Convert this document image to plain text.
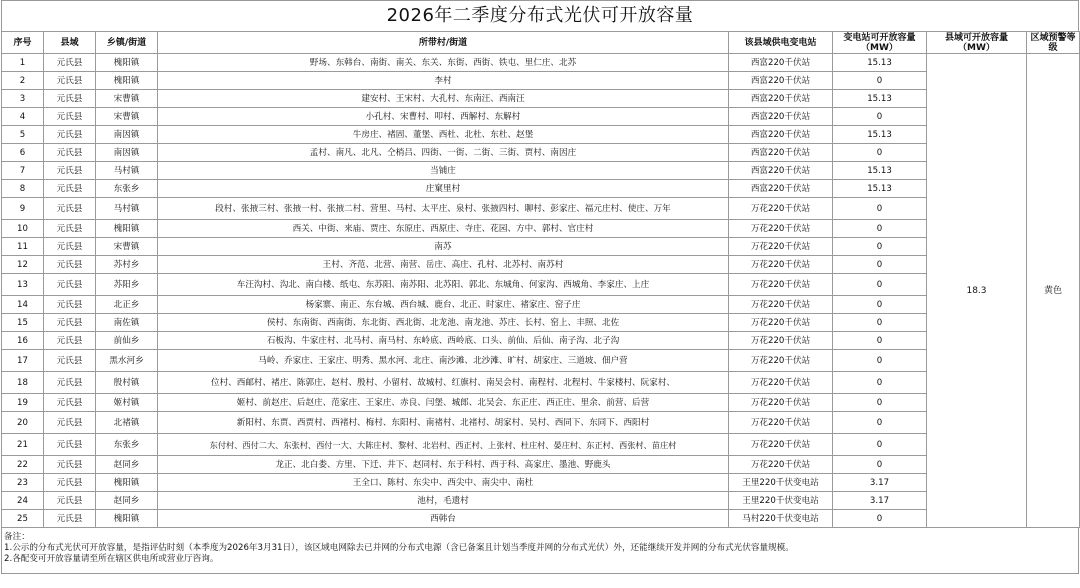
2026年二季度分布式光伏可开放容量
序号	县域	乡镇/街道	所带村/街道	该县域供电变电站	变电站可开放容量（MW）	县域可开放容量（MW）	区域预警等级
1	元氏县	槐阳镇	野场、东韩台、南街、南关、东关、东街、西街、铁屯、里仁庄、北苏	西富220千伏站	15.13	18.3	黄色
2	元氏县	槐阳镇	李村	西富220千伏站	0		
3	元氏县	宋曹镇	建安村、王宋村、大孔村、东南汪、西南汪	西富220千伏站	15.13		
4	元氏县	宋曹镇	小孔村、宋曹村、叩村、西解村、东解村	西富220千伏站	0		
5	元氏县	南因镇	牛房庄、褚固、董堡、西杜、北杜、东杜、赵堡	西富220千伏站	15.13		
6	元氏县	南因镇	孟村、南凡、北凡、仝梢吕、四街、一街、二街、三街、贾村、南因庄	西富220千伏站	0		
7	元氏县	马村镇	当铺庄	西富220千伏站	15.13		
8	元氏县	东张乡	庄窠里村	西富220千伏站	15.13		
9	元氏县	马村镇	段村、张掖三村、张掖一村、张掖二村、营里、马村、太平庄、泉村、张掖四村、聊村、彭家庄、福元庄村、使庄、万年	万花220千伏站	0		
10	元氏县	槐阳镇	西关、中街、来庙、贾庄、东原庄、西原庄、寺庄、花园、方中、郭村、官庄村	万花220千伏站	0		
11	元氏县	宋曹镇	南苏	万花220千伏站	0		
12	元氏县	苏村乡	王村、齐范、北营、南营、岳庄、高庄、孔村、北苏村、南苏村	万花220千伏站	0		
13	元氏县	苏阳乡	车汪沟村、沟北、南白楼、纸屯、东苏阳、南苏阳、北苏阳、郭北、东城角、何家沟、西城角、李家庄、上庄	万花220千伏站	0		
14	元氏县	北正乡	杨家寨、南正、东台城、西台城、鹿台、北正、时家庄、褚家庄、窑子庄	万花220千伏站	0		
15	元氏县	南佐镇	侯村、东南街、西南街、东北街、西北街、北龙池、南龙池、苏庄、长村、窑上、丰照、北佐	万花220千伏站	0		
16	元氏县	前仙乡	石板沟、牛家庄村、北马村、南马村、东岭底、西岭底、口头、前仙、后仙、南子沟、北子沟	万花220千伏站	0		
17	元氏县	黑水河乡	马岭、乔家庄、王家庄、明秀、黑水河、北庄、南沙滩、北沙滩、旷村、胡家庄、三道坡、佃户营	万花220千伏站	0		
18	元氏县	殷村镇	位村、西邮村、褚庄、陈郭庄、赵村、殷村、小留村、故城村、红旗村、南吴会村、南程村、北程村、牛家楼村、阮家村、	万花220千伏站	0		
19	元氏县	姬村镇	姬村、前赵庄、后赵庄、范家庄、王家庄、赤良、闫堡、城郎、北吴会、东正庄、西正庄、里余、前营、后营	万花220千伏站	0		
20	元氏县	北褚镇	新阳村、东贾、西贾村、西褚村、梅村、东阳村、南褚村、北褚村、胡家村、吴村、西同下、东同下、西阳村	万花220千伏站	0		
21	元氏县	东张乡	东付村、西付二大、东张村、西付一大、大陈庄村、黎村、北岩村、西正村、上张村、杜庄村、晏庄村、东正村、西张村、苗庄村	万花220千伏站	0		
22	元氏县	赵同乡	龙正、北白娄、方里、下迁、井下、赵同村、东于科村、西于科、高家庄、墨池、野鹿头	万花220千伏站	0		
23	元氏县	槐阳镇	王全口、陈村、东尖中、西尖中、南尖中、南杜	王里220千伏变电站	3.17		
24	元氏县	赵同乡	池村，毛遗村	王里220千伏变电站	3.17		
25	元氏县	槐阳镇	西韩台	马村220千伏变电站	0		
备注：
1.公示的分布式光伏可开放容量，是指评估时刻（本季度为2026年3月31日），该区域电网除去已并网的分布式电源（含已备案且计划当季度并网的分布式光伏）外，还能继续开发并网的分布式光伏容量规模。
2.各配变可开放容量请至所在辖区供电所或营业厅咨询。
